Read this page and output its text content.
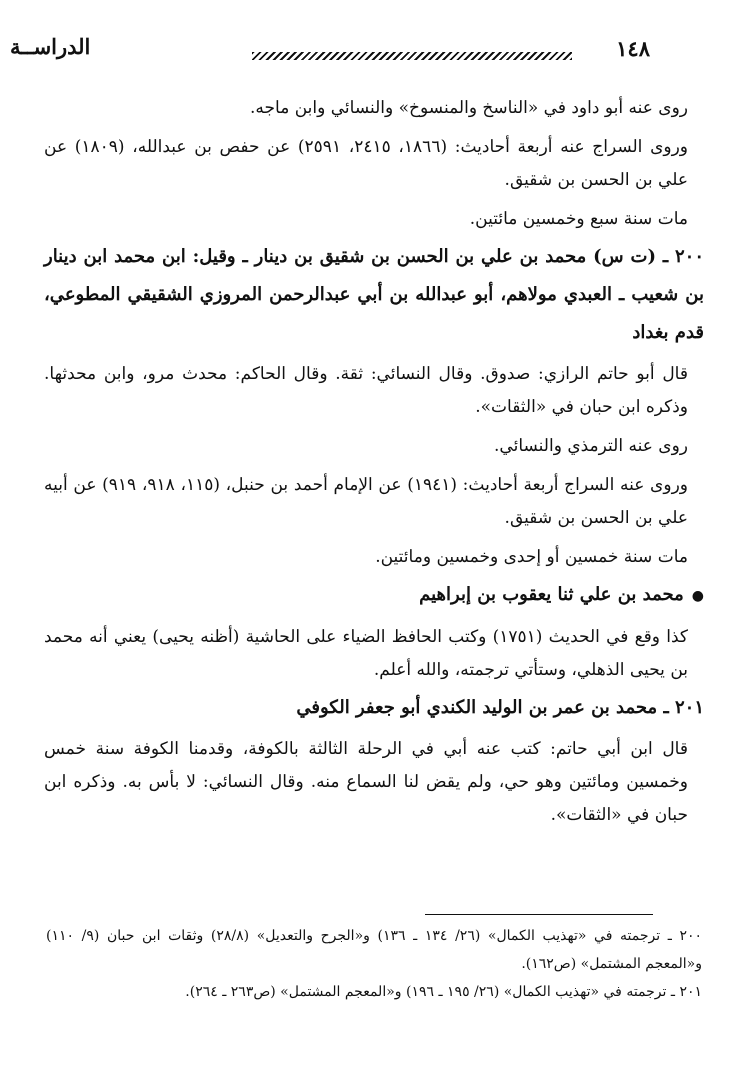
١٤٨
الدراســة

روى عنه أبو داود في «الناسخ والمنسوخ» والنسائي وابن ماجه.

وروى السراج عنه أربعة أحاديث: (١٨٦٦، ٢٤١٥، ٢٥٩١) عن حفص بن عبدالله، (١٨٠٩) عن علي بن الحسن بن شقيق.

مات سنة سبع وخمسين مائتين.

٢٠٠ ـ (ت س) محمد بن علي بن الحسن بن شقيق بن دينار ـ وقيل: ابن محمد ابن دينار بن شعيب ـ العبدي مولاهم، أبو عبدالله بن أبي عبدالرحمن المروزي الشقيقي المطوعي، قدم بغداد

قال أبو حاتم الرازي: صدوق. وقال النسائي: ثقة. وقال الحاكم: محدث مرو، وابن محدثها. وذكره ابن حبان في «الثقات».

روى عنه الترمذي والنسائي.

وروى عنه السراج أربعة أحاديث: (١٩٤١) عن الإمام أحمد بن حنبل، (١١٥، ٩١٨، ٩١٩) عن أبيه علي بن الحسن بن شقيق.

مات سنة خمسين أو إحدى وخمسين ومائتين.

●محمد بن علي ثنا يعقوب بن إبراهيم

كذا وقع في الحديث (١٧٥١) وكتب الحافظ الضياء على الحاشية (أظنه يحيى) يعني أنه محمد بن يحيى الذهلي، وستأتي ترجمته، والله أعلم.

٢٠١ ـ محمد بن عمر بن الوليد الكندي أبو جعفر الكوفي

قال ابن أبي حاتم: كتب عنه أبي في الرحلة الثالثة بالكوفة، وقدمنا الكوفة سنة خمس وخمسين ومائتين وهو حي، ولم يقض لنا السماع منه. وقال النسائي: لا بأس به. وذكره ابن حبان في «الثقات».

٢٠٠ ـ ترجمته في «تهذيب الكمال» (٢٦/ ١٣٤ ـ ١٣٦) و«الجرح والتعديل» (٢٨/٨) وثقات ابن حبان (٩/ ١١٠) و«المعجم المشتمل» (ص١٦٢).

٢٠١ ـ ترجمته في «تهذيب الكمال» (٢٦/ ١٩٥ ـ ١٩٦) و«المعجم المشتمل» (ص٢٦٣ ـ ٢٦٤).
